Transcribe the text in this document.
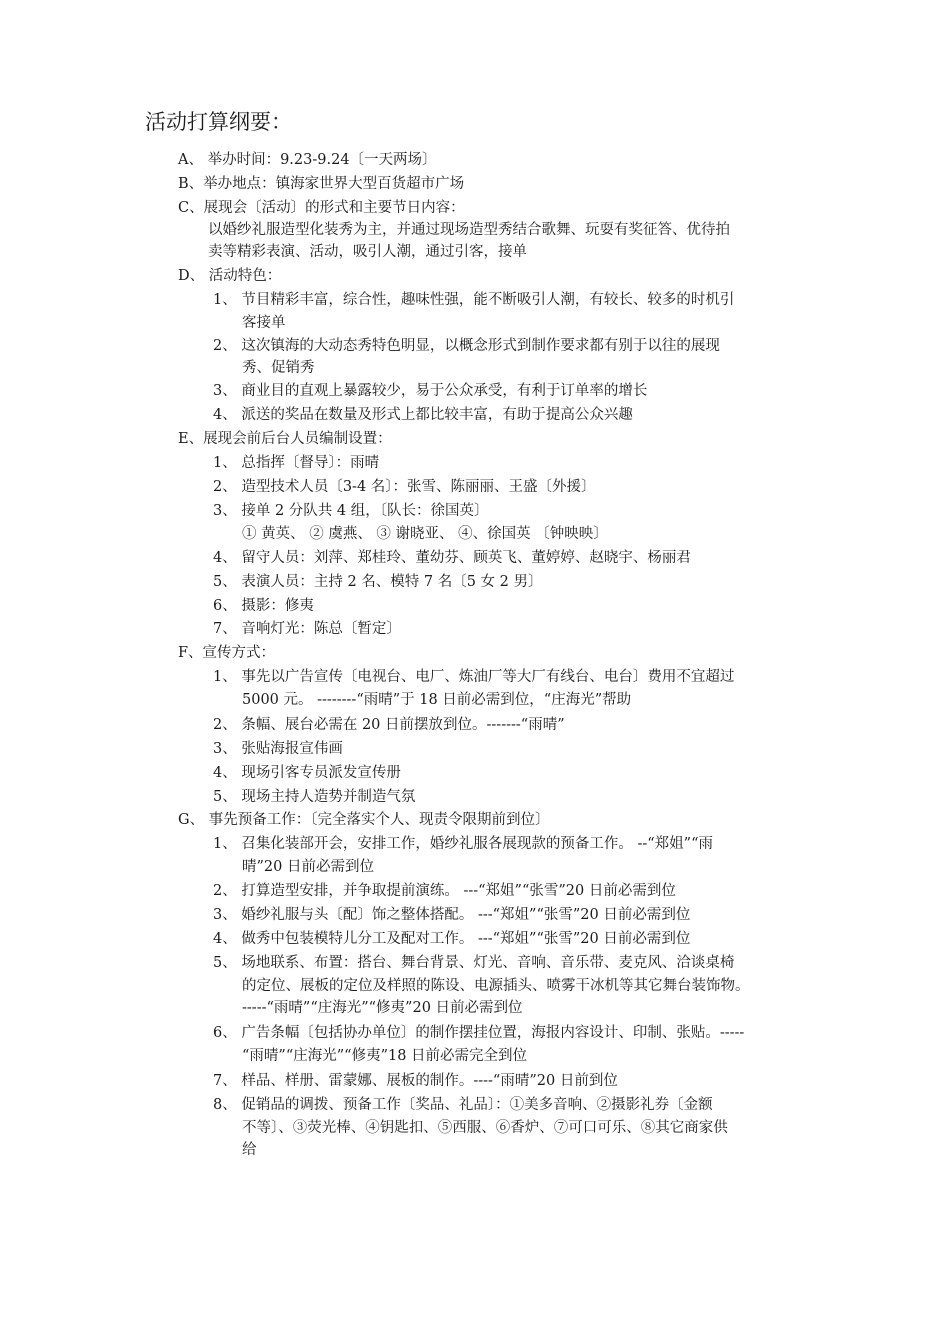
活动打算纲要：
A、 举办时间：9.23-9.24〔一天两场〕
B、举办地点：镇海家世界大型百货超市广场
C、展现会〔活动〕的形式和主要节日内容：
以婚纱礼服造型化装秀为主，并通过现场造型秀结合歌舞、玩耍有奖征答、优待拍
卖等精彩表演、活动，吸引人潮，通过引客，接单
D、 活动特色：
1、 节目精彩丰富，综合性，趣味性强，能不断吸引人潮，有较长、较多的时机引
客接单
2、 这次镇海的大动态秀特色明显，以概念形式到制作要求都有别于以往的展现
秀、促销秀
3、 商业目的直观上暴露较少，易于公众承受，有利于订单率的增长
4、 派送的奖品在数量及形式上都比较丰富，有助于提高公众兴趣
E、展现会前后台人员编制设置：
1、 总指挥〔督导〕：雨晴
2、 造型技术人员〔3-4 名〕：张雪、陈丽丽、王盛〔外援〕
3、 接单 2 分队共 4 组，〔队长：徐国英〕
① 黄英、 ② 虞燕、 ③ 谢晓亚、 ④、徐国英 〔钟映映〕
4、 留守人员：刘萍、郑桂玲、董幼芬、顾英飞、董婷婷、赵晓宇、杨丽君
5、 表演人员：主持 2 名、模特 7 名〔5 女 2 男〕
6、 摄影：修夷
7、 音响灯光：陈总〔暂定〕
F、宣传方式：
1、 事先以广告宣传〔电视台、电厂、炼油厂等大厂有线台、电台〕费用不宜超过
5000 元。 --------“雨晴”于 18 日前必需到位，“庄海光”帮助
2、 条幅、展台必需在 20 日前摆放到位。-------“雨晴”
3、 张贴海报宣伟画
4、 现场引客专员派发宣传册
5、 现场主持人造势并制造气氛
G、 事先预备工作：〔完全落实个人、现责令限期前到位〕
1、 召集化装部开会，安排工作，婚纱礼服各展现款的预备工作。 --“郑姐”“雨
晴”20 日前必需到位
2、 打算造型安排，并争取提前演练。 ---“郑姐”“张雪”20 日前必需到位
3、 婚纱礼服与头〔配〕饰之整体搭配。 ---“郑姐”“张雪”20 日前必需到位
4、 做秀中包装模特儿分工及配对工作。 ---“郑姐”“张雪”20 日前必需到位
5、 场地联系、布置：搭台、舞台背景、灯光、音响、音乐带、麦克风、洽谈桌椅
的定位、展板的定位及样照的陈设、电源插头、喷雾干冰机等其它舞台装饰物。
-----“雨晴”“庄海光”“修夷”20 日前必需到位
6、 广告条幅〔包括协办单位〕的制作摆挂位置，海报内容设计、印制、张贴。-----
“雨晴”“庄海光”“修夷”18 日前必需完全到位
7、 样品、样册、雷蒙娜、展板的制作。----“雨晴”20 日前到位
8、 促销品的调拨、预备工作〔奖品、礼品〕：①美多音响、②摄影礼券〔金额
不等〕、③荧光棒、④钥匙扣、⑤西服、⑥香炉、⑦可口可乐、⑧其它商家供
给
